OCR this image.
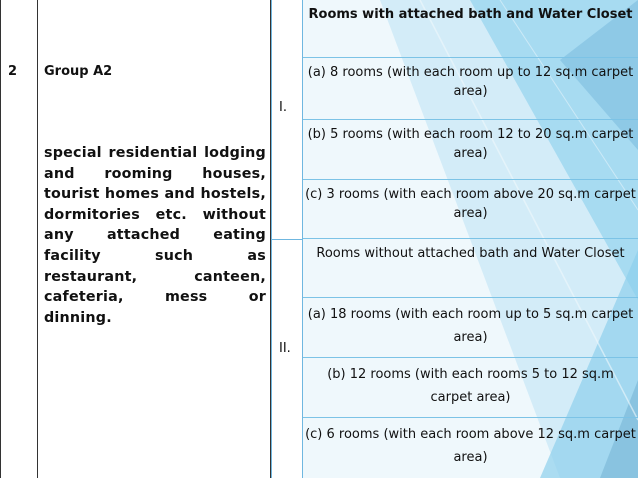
2 Group A2
special residential lodging and rooming houses, tourist homes and hostels, dormitories etc. without any attached eating facility such as restaurant, canteen, cafeteria, mess or dinning.
I.
II.
Rooms with attached bath and Water Closet
(a) 8 rooms (with each room up to 12 sq.m carpet area)
(b) 5 rooms (with each room 12 to 20 sq.m carpet area)
(c) 3 rooms (with each room above 20 sq.m carpet area)
Rooms without attached bath and Water Closet
(a) 18 rooms (with each room up to 5 sq.m carpet area)
(b) 12 rooms (with each rooms 5 to 12 sq.m carpet area)
(c) 6 rooms (with each room above 12 sq.m carpet area)
